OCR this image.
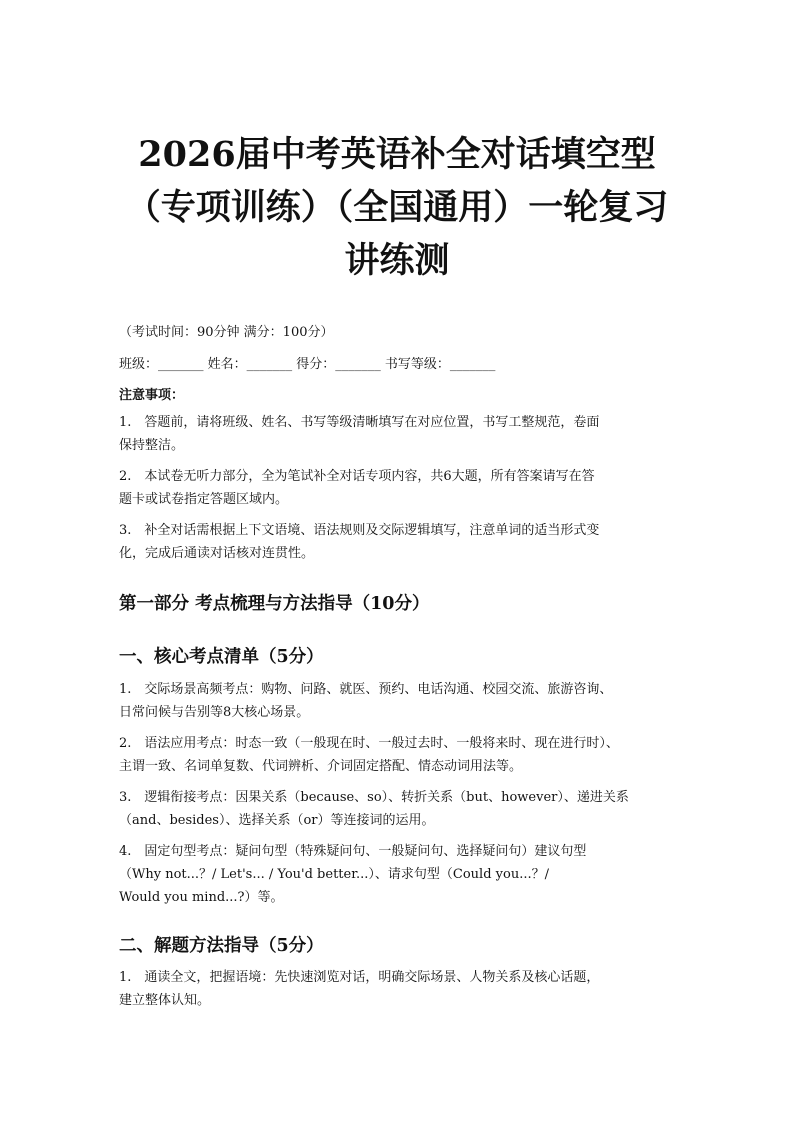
2026届中考英语补全对话填空型
（专项训练）（全国通用）一轮复习
讲练测
（考试时间：90分钟 满分：100分）
班级：_______ 姓名：_______ 得分：_______ 书写等级：_______
注意事项：
1.　答题前，请将班级、姓名、书写等级清晰填写在对应位置，书写工整规范，卷面
保持整洁。
2.　本试卷无听力部分，全为笔试补全对话专项内容，共6大题，所有答案请写在答
题卡或试卷指定答题区域内。
3.　补全对话需根据上下文语境、语法规则及交际逻辑填写，注意单词的适当形式变
化，完成后通读对话核对连贯性。
第一部分 考点梳理与方法指导（10分）
一、核心考点清单（5分）
1.　交际场景高频考点：购物、问路、就医、预约、电话沟通、校园交流、旅游咨询、
日常问候与告别等8大核心场景。
2.　语法应用考点：时态一致（一般现在时、一般过去时、一般将来时、现在进行时）、
主谓一致、名词单复数、代词辨析、介词固定搭配、情态动词用法等。
3.　逻辑衔接考点：因果关系（because、so）、转折关系（but、however）、递进关系
（and、besides）、选择关系（or）等连接词的运用。
4.　固定句型考点：疑问句型（特殊疑问句、一般疑问句、选择疑问句）建议句型
（Why not...？/ Let's... / You'd better...）、请求句型（Could you...？/
Would you mind...?）等。
二、解题方法指导（5分）
1.　通读全文，把握语境：先快速浏览对话，明确交际场景、人物关系及核心话题，
建立整体认知。
